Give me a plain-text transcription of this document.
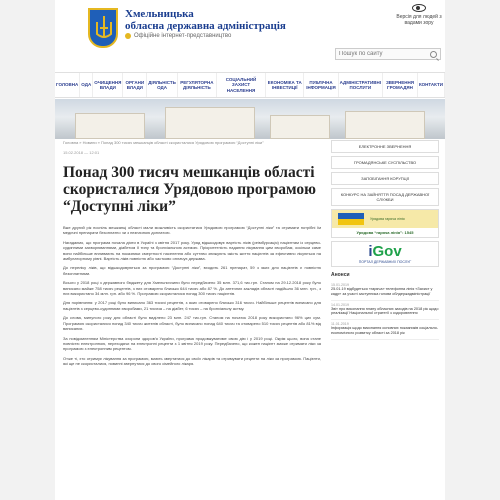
Хмельницька
обласна державна адміністрація
Офіційне інтернет-представництво
Версія для людей з вадами зору
Пошук по сайту
ГОЛОВНА ОДА
ОЧИЩЕННЯ ВЛАДИ
ОРГАНИ ВЛАДИ
ДІЯЛЬНІСТЬ ОДА
РЕГУЛЯТОРНА ДІЯЛЬНІСТЬ
СОЦІАЛЬНИЙ ЗАХИСТ НАСЕЛЕННЯ
ЕКОНОМІКА ТА ІНВЕСТИЦІЇ
ПУБЛІЧНА ІНФОРМАЦІЯ
АДМІНІСТРАТИВНІ ПОСЛУГИ
ЗВЕРНЕННЯ ГРОМАДЯН
КОНТАКТИ
Головна » Новини » Понад 300 тисяч мешканців області скористалися Урядовою програмою “Доступні ліки”
15.02.2018 — 12:01
Понад 300 тисяч мешканців області скористалися Урядовою програмою “Доступні ліки”

Вже другий рік поспіль мешканці області мали можливість скористатися Урядовою програмою “Доступні ліки” та отримати потрібні їм медичні препарати безоплатно чи з незначною доплатою.

Нагадаємо, що програма почала діяти в Україні з квітня 2017 року. Уряд відшкодовує вартість ліків (реімбурсація) пацієнтам із серцево-судинними захворюваннями, діабетом ІІ типу та бронхіальною астмою. Пріоритетність надання лікування цим хворобам, оскільки саме вони найбільше впливають на показники смертності населення або суттєво знижують якість життя пацієнтів за ефективно лікуються на амбулаторному рівні. Вартість ліків повністю або частково оплачує держава.

До переліку ліків, що відшкодовуються за програмою “Доступні ліки”, входить 261 препарат, 59 з яких для пацієнтів є повністю безоплатними.

Всього у 2018 році з державного бюджету для Хмельниччини було передбачено 35 млн. 371,6 тис.грн. Станом на 29.12.2018 року було виписано майже 758 тисяч рецептів, з них отоварено близько 644 тисяч або 87 %. До аптечних закладів області надійшло 36 млн. грн., з них використано 34 млн. грн. або 96 %. Програмою скористалися понад 300 тисяч пацієнтів.

Для порівняння: у 2017 році було виписано 363 тисячі рецептів, з яких отоварено близько 316 тисяч. Найбільше рецептів виписано для пацієнтів з серцево-судинними хворобами, 21 тисяча – на діабет, 6 тисяч – на бронхіальну астму.

До слова, минулого року для області було виділено 23 млн. 247 тис.грн. Станом на початок 2018 року використано 96% цих сум. Програмою скористалися понад 340 тисяч жителів області, було виписано понад 640 тисяч та отоварено 510 тисяч рецептів або 81% від виписаних.

За повідомленням Міністерства охорони здоров'я України, програма продовжуватиме свою дію і у 2019 році. Окрім цього, вона стане повністю електронною, переходячи на електронні рецепти з 1 квітня 2019 року. Передбачено, що кожен пацієнт зможе отримати ліки за програмою з електронним рецептом.

Отже ті, хто отримує лікування за програмою, мають звертатися до своїх лікарів та отримувати рецепти на ліки за програмою. Пацієнти, які ще не скористалися, повинні звернутися до свого сімейного лікаря.

ЕЛЕКТРОННЕ ЗВЕРНЕННЯ
ГРОМАДЯНСЬКЕ СУСПІЛЬСТВО
ЗАПОБІГАННЯ КОРУПЦІЇ
КОНКУРС НА ЗАЙНЯТТЯ ПОСАД ДЕРЖАВНОЇ СЛУЖБИ
Урядова гаряча лінія
Урядова “гаряча лінія”: 1545
iGov
ПОРТАЛ ДЕРЖАВНИХ ПОСЛУГ
Анонси
15.01.2019
25.01.19 відбудеться «гаряча» телефонна лінія «Захист у кадр» за участі заступника голови облдержадміністрації
14.01.2019
Звіт про виконання плану обласних заходів на 2018 рік щодо реалізації Національної стратегії з оздоровлення
11.01.2019
Інформація щодо виконання основних показників соціально-економічного розвитку області за 2018 рік
